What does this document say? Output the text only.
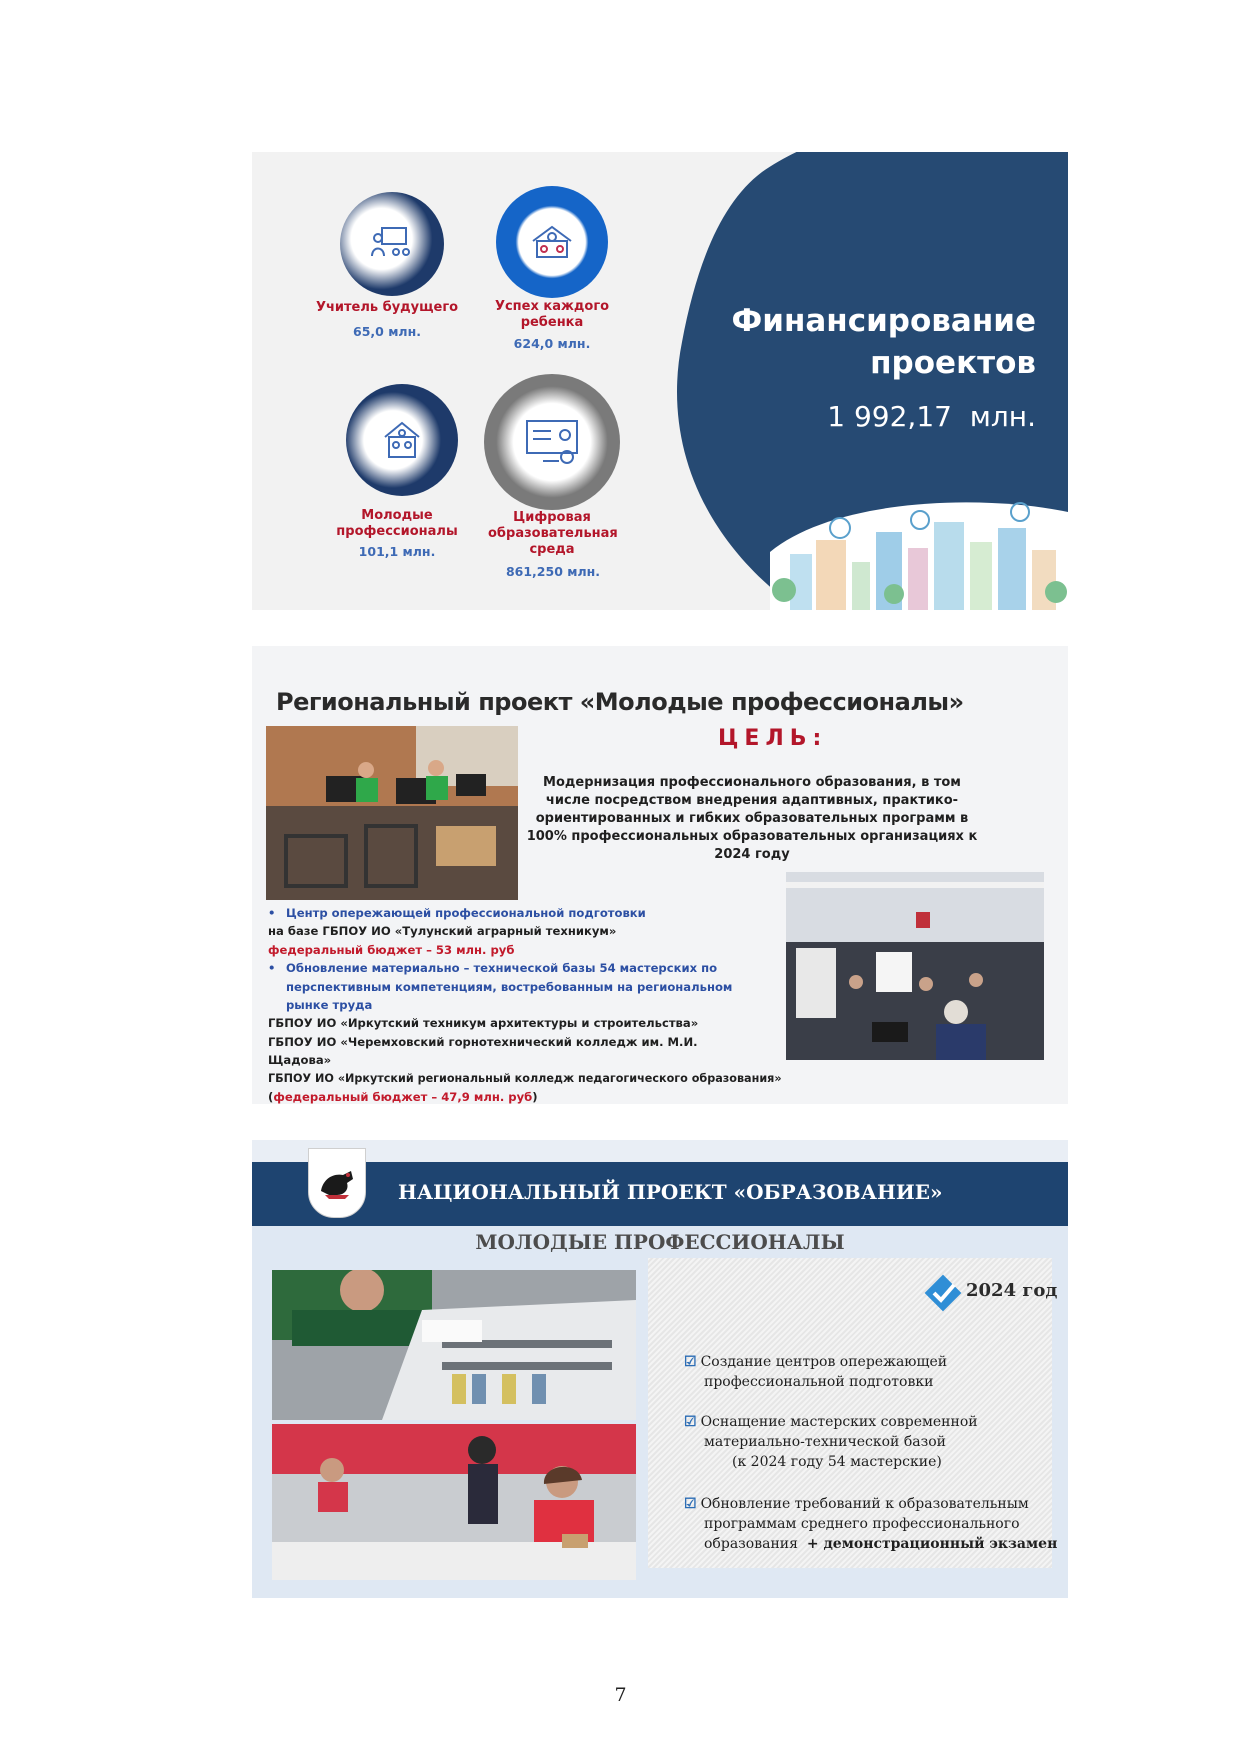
Финансирование
проектов
1 992,17 млн.
Учитель будущего
65,0 млн.
Успех каждого ребенка
624,0 млн.
Молодые профессионалы
101,1 млн.
Цифровая образовательная среда
861,250 млн.
Региональный проект «Молодые профессионалы»
ЦЕЛЬ:
Модернизация профессионального образования, в том числе посредством внедрения адаптивных, практико-ориентированных и гибких образовательных программ в 100% профессиональных образовательных организациях к 2024 году
• Центр опережающей профессиональной подготовки
на базе ГБПОУ ИО «Тулунский аграрный техникум»
федеральный бюджет – 53 млн. руб
• Обновление материально – технической базы 54 мастерских по перспективным компетенциям, востребованным на региональном рынке труда
ГБПОУ ИО «Иркутский техникум архитектуры и строительства»
ГБПОУ ИО «Черемховский горнотехнический колледж им. М.И. Щадова»
ГБПОУ ИО «Иркутский региональный колледж педагогического образования»
(федеральный бюджет – 47,9 млн. руб)
НАЦИОНАЛЬНЫЙ ПРОЕКТ «ОБРАЗОВАНИЕ»
МОЛОДЫЕ ПРОФЕССИОНАЛЫ
2024 год
☑ Создание центров опережающей
профессиональной подготовки
☑ Оснащение мастерских современной
материально-технической базой
(к 2024 году 54 мастерские)
☑ Обновление требований к образовательным
программам среднего профессионального
образования + демонстрационный экзамен
7
